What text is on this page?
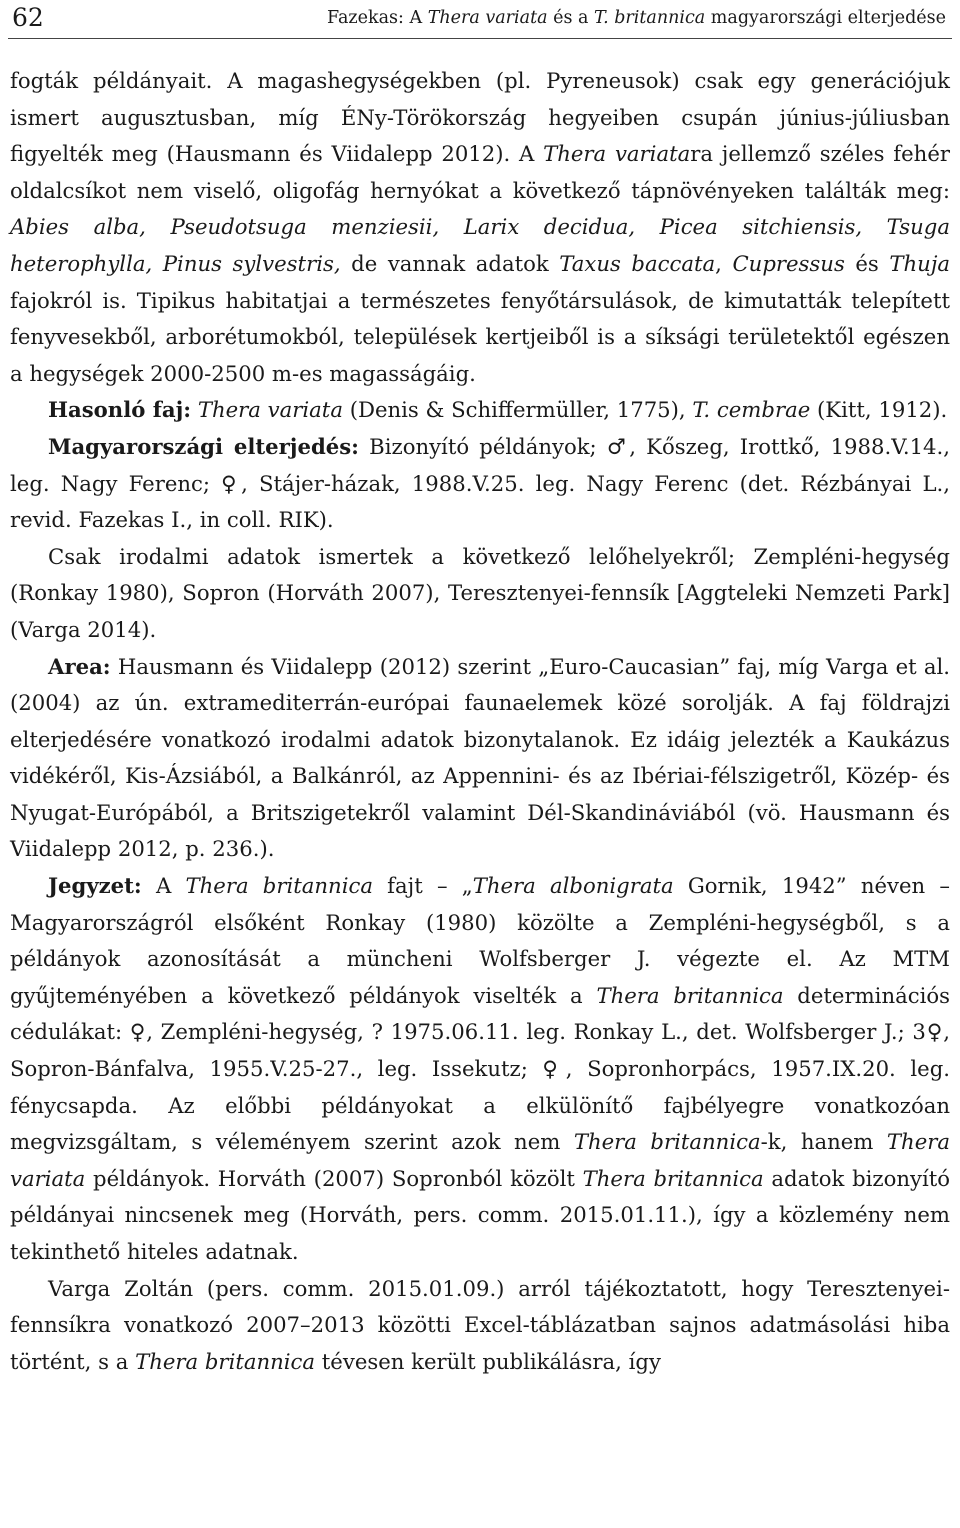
62	Fazekas: A Thera variata és a T. britannica magyarországi elterjedése

fogták példányait. A magashegységekben (pl. Pyreneusok) csak egy generációjuk ismert augusztusban, míg ÉNy-Törökország hegyeiben csupán június-júliusban figyelték meg (Hausmann és Viidalepp 2012). A Thera variatara jellemző széles fehér oldalcsíkot nem viselő, oligofág hernyókat a következő tápnövényeken találták meg: Abies alba, Pseudotsuga menziesii, Larix decidua, Picea sitchiensis, Tsuga heterophylla, Pinus sylvestris, de vannak adatok Taxus baccata, Cupressus és Thuja fajokról is. Tipikus habitatjai a természetes fenyőtársulások, de kimutatták telepített fenyvesekből, arborétumokból, települések kertjeiből is a síksági területektől egészen a hegységek 2000-2500 m-es magasságáig.

Hasonló faj: Thera variata (Denis & Schiffermüller, 1775), T. cembrae (Kitt, 1912).

Magyarországi elterjedés: Bizonyító példányok; ♂, Kőszeg, Irottkő, 1988.V.14., leg. Nagy Ferenc; ♀, Stájer-házak, 1988.V.25. leg. Nagy Ferenc (det. Rézbányai L., revid. Fazekas I., in coll. RIK).

Csak irodalmi adatok ismertek a következő lelőhelyekről; Zempléni-hegység (Ronkay 1980), Sopron (Horváth 2007), Teresztenyei-fennsík [Aggteleki Nemzeti Park] (Varga 2014).

Area: Hausmann és Viidalepp (2012) szerint „Euro-Caucasian” faj, míg Varga et al. (2004) az ún. extramediterrán-európai faunaelemek közé sorolják. A faj földrajzi elterjedésére vonatkozó irodalmi adatok bizonytalanok. Ez idáig jelezték a Kaukázus vidékéről, Kis-Ázsiából, a Balkánról, az Appennini- és az Ibériai-félszigetről, Közép- és Nyugat-Európából, a Britszigetekről valamint Dél-Skandináviából (vö. Hausmann és Viidalepp 2012, p. 236.).

Jegyzet: A Thera britannica fajt – „Thera albonigrata Gornik, 1942” néven – Magyarországról elsőként Ronkay (1980) közölte a Zempléni-hegységből, s a példányok azonosítását a müncheni Wolfsberger J. végezte el. Az MTM gyűjteményében a következő példányok viselték a Thera britannica determinációs cédulákat: ♀, Zempléni-hegység, ? 1975.06.11. leg. Ronkay L., det. Wolfsberger J.; 3♀, Sopron-Bánfalva, 1955.V.25-27., leg. Issekutz; ♀, Sopronhorpács, 1957.IX.20. leg. fénycsapda. Az előbbi példányokat a elkülönítő fajbélyegre vonatkozóan megvizsgáltam, s véleményem szerint azok nem Thera britannica-k, hanem Thera variata példányok. Horváth (2007) Sopronból közölt Thera britannica adatok bizonyító példányai nincsenek meg (Horváth, pers. comm. 2015.01.11.), így a közlemény nem tekinthető hiteles adatnak.

Varga Zoltán (pers. comm. 2015.01.09.) arról tájékoztatott, hogy Teresztenyei-fennsíkra vonatkozó 2007–2013 közötti Excel-táblázatban sajnos adatmásolási hiba történt, s a Thera britannica tévesen került publikálásra, így
